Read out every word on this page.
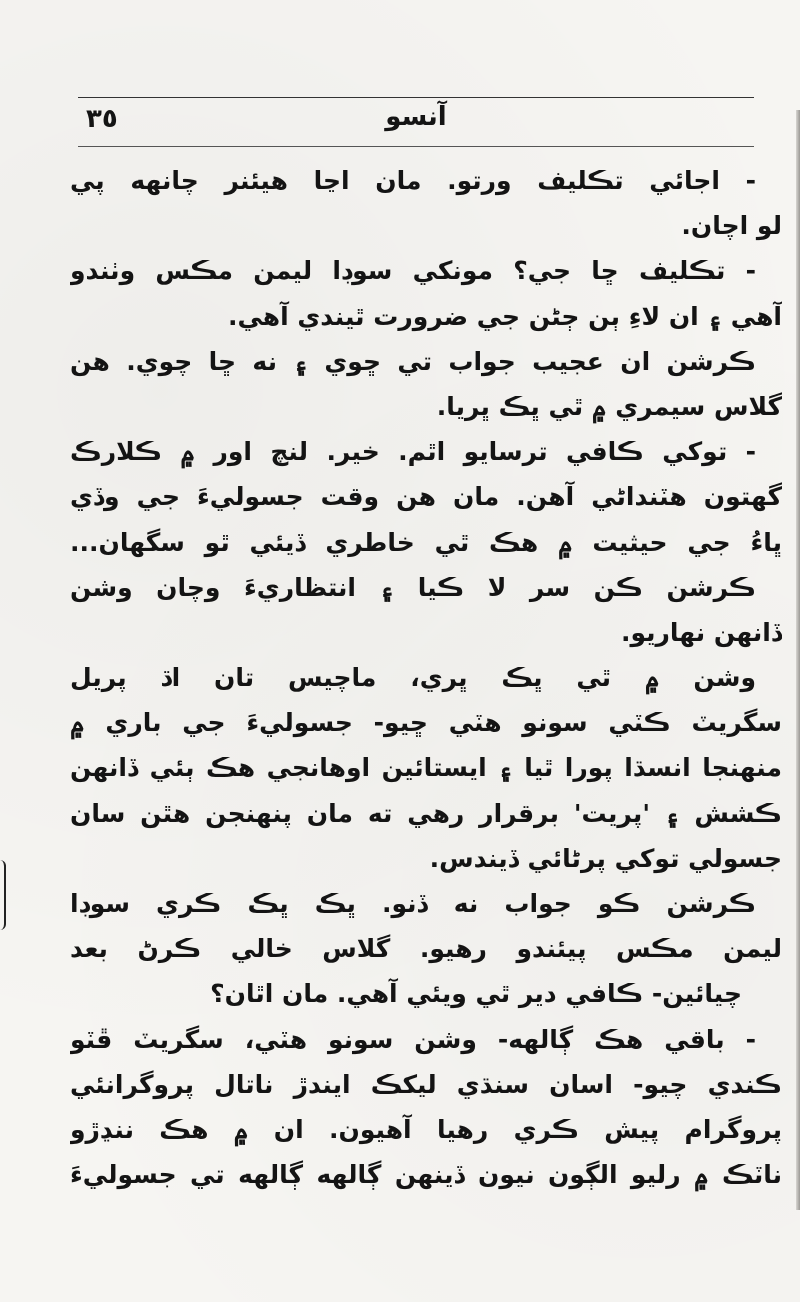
٣٥	آنسو
- اجائي تڪليف ورتو. مان اڃا هيئنر چانهه پي
لو اچان.
- تڪليف ڇا جي؟ مونکي سوڊا ليمن مڪس وٺندو
آهي ۽ ان لاءِ ٻن ڄڻن جي ضرورت ٿيندي آهي.
ڪرشن ان عجيب جواب تي ڇوي ۽ نه ڇا چوي. هن
گلاس سيمري ۾ ٿي ڀڪ ڀريا.
- توکي ڪافي ترسايو اٿم. خير. لنچ اور ۾ ڪلارڪ
گهتون هٽنداڻي آهن. مان هن وقت جسوليءَ جي وڏي
ڀاءُ جي حيثيت ۾ هڪ ٿي خاطري ڏيئي ٿو سگهان...
ڪرشن ڪن سر لا ڪيا ۽ انتظاريءَ وچان وشن
ڏانهن نهاريو.
وشن ۾ ٿي ڀڪ ڀري، ماچيس تان اڌ پريل
سگريٽ ڪٽي سونو هٽي ڇيو- جسوليءَ جي باري ۾
منهنجا انسڌا پورا ٿيا ۽ ايستائين اوهانجي هڪ ٻئي ڏانهن
ڪشش ۽ 'پريت' برقرار رهي ته مان پنهنجن هٿن سان
جسولي توکي پرڻائي ڏيندس.
ڪرشن ڪو جواب نه ڏنو. ڀڪ ڀڪ ڪري سوڊا
ليمن مڪس پيئندو رهيو. گلاس خالي ڪرڻ بعد
چيائين- ڪافي دير ٿي ويئي آهي. مان اٿان؟
- باقي هڪ ڳالهه- وشن سونو هٽي، سگريٽ ڦٽو
ڪندي چيو- اسان سنڌي ليکڪ ايندڙ ناتال پروگرانئي
پروگرام پيش ڪري رهيا آهيون. ان ۾ هڪ ننڍڙو
ناٽڪ ۾ رليو الڳون نيون ڏينهن ڳالهه ڳالهه تي جسوليءَ
